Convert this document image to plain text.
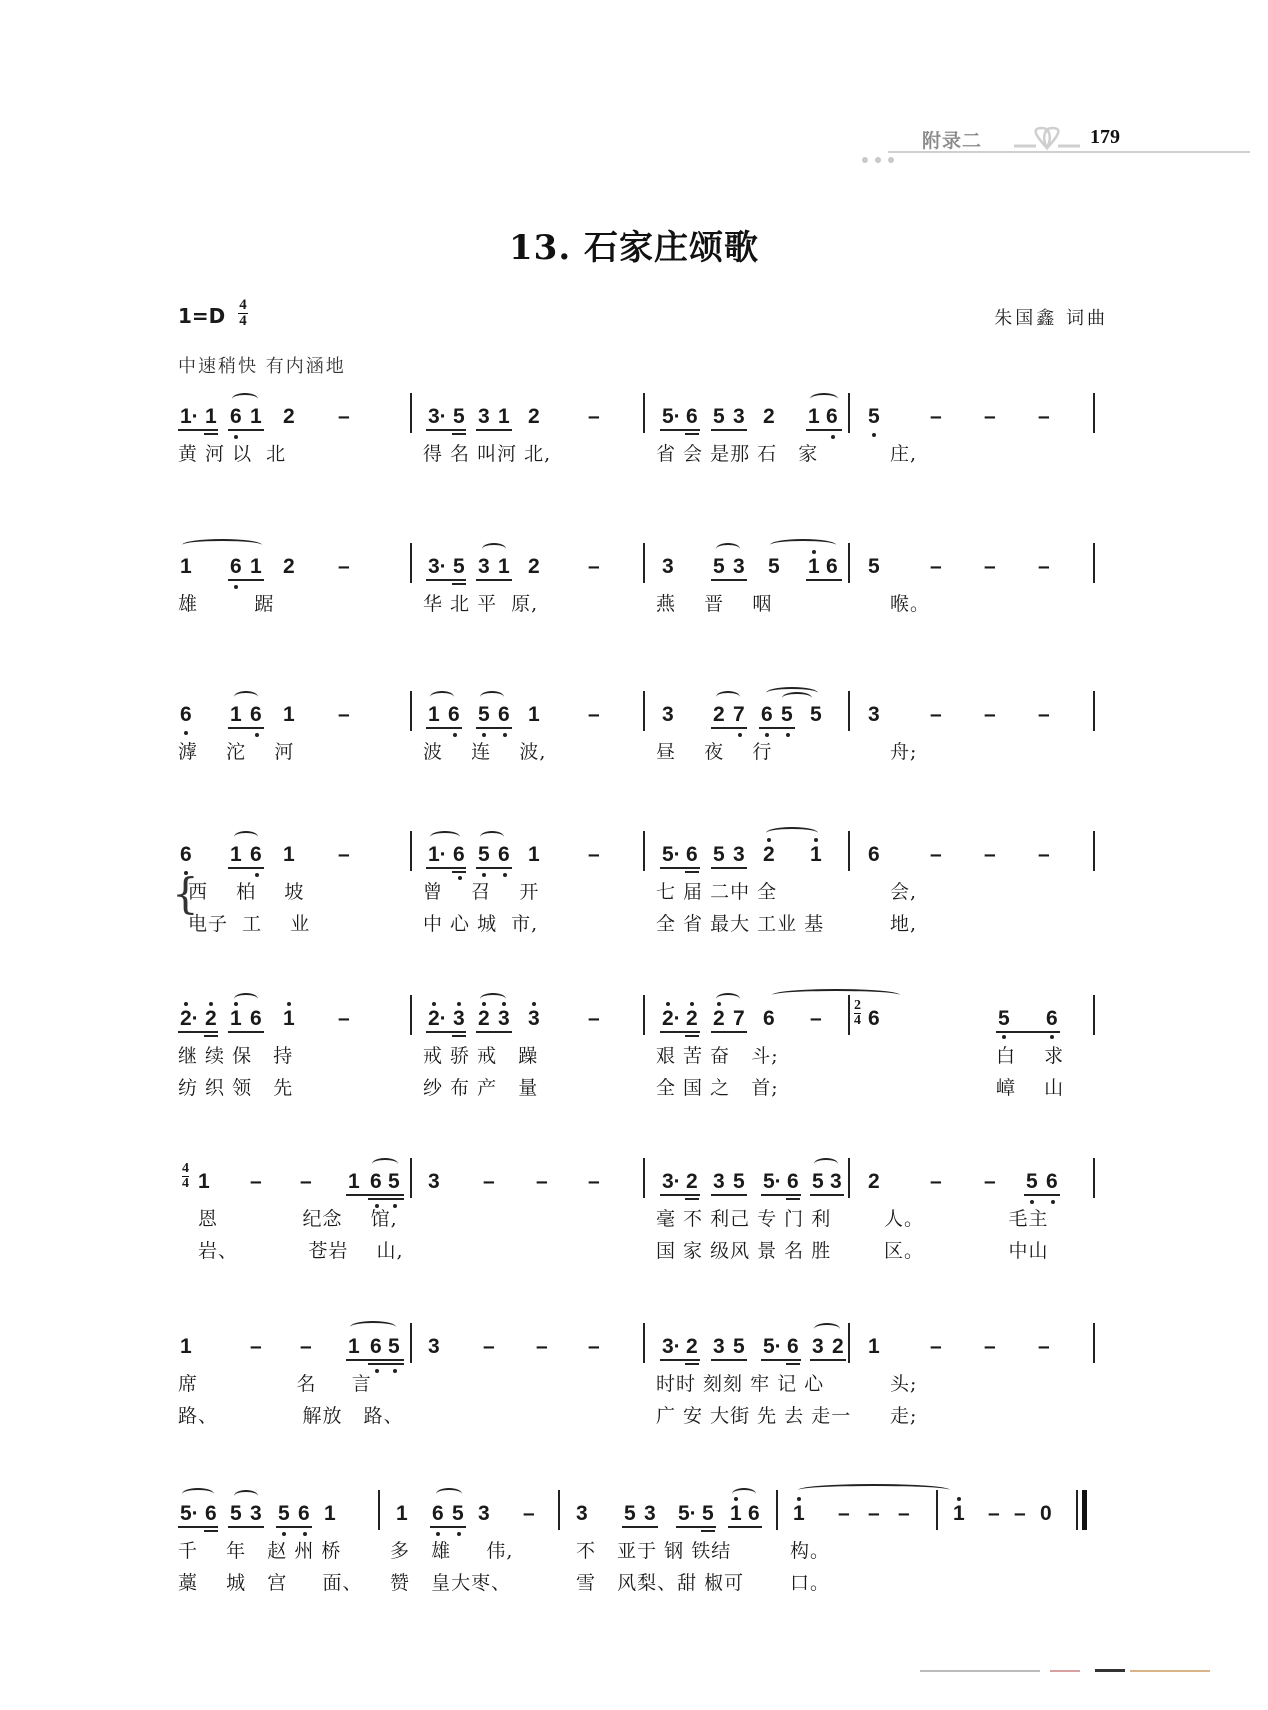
附录二	179
13. 石家庄颂歌
$1=D \frac{4}{4}$	朱国鑫 词曲
中速稍快 有内涵地
1· 1 6 1 2 –	3· 5 3 1 2 –	5· 6 5 3 2 1 6 5 – – –
黄 河 以  北	得 名 叫河 北,	省 会 是那 石   家	庄,
1 6 1 2 –	3· 5 3 1 2 –	3 5 3 5 1 6 5 – – –
雄        踞	华 北 平  原,	燕    晋    咽	喉。
6 1 6 1 –	1 6 5 6 1 –	3 2 7 6 5 5 3 – – –
滹    沱    河	波    连    波,	昼    夜    行	舟;
6 1 6 1 –	1· 6 5 6 1 –	5· 6 5 3 2 1 6 – – –
{
西    柏    坡	曾    召    开	七 届 二中 全	会,
电子  工    业	中 心 城  市,	全 省 最大 工业 基	地,
2· 2 1 6 1 –	2· 3 2 3 3 –	2· 2 2 7 6 –
2
4 6	5 6
继 续 保   持	戒 骄 戒   躁	艰 苦 奋   斗;	白    求
纺 织 领   先	纱 布 产   量	全 国 之   首;	嶂    山
4
4 1 – – 1 6 5 3 – – –	3· 2 3 5 5· 6 5 3 2 – – 5 6
恩            纪念    馆,	毫 不 利己 专 门 利	人。            毛主
岩、          苍岩    山,	国 家 级风 景 名 胜	区。            中山
1	– – 1 6 5 3 – – –	3· 2 3 5 5· 6 3 2 1 – – –
席              名     言	时时 刻刻 牢 记 心	头;
路、            解放   路、	广 安 大街 先 去 走一 走;
5· 6 5 3 5 6 1	1 6 5 3 – 3 5 3 5· 5 1 6 1 – – – 1 – – 0
千    年   赵 州 桥	多   雄     伟,	不   亚于 钢 铁结	构。
藁    城   宫     面、 赞   皇大枣、	雪   风梨、甜 椒可 口。
